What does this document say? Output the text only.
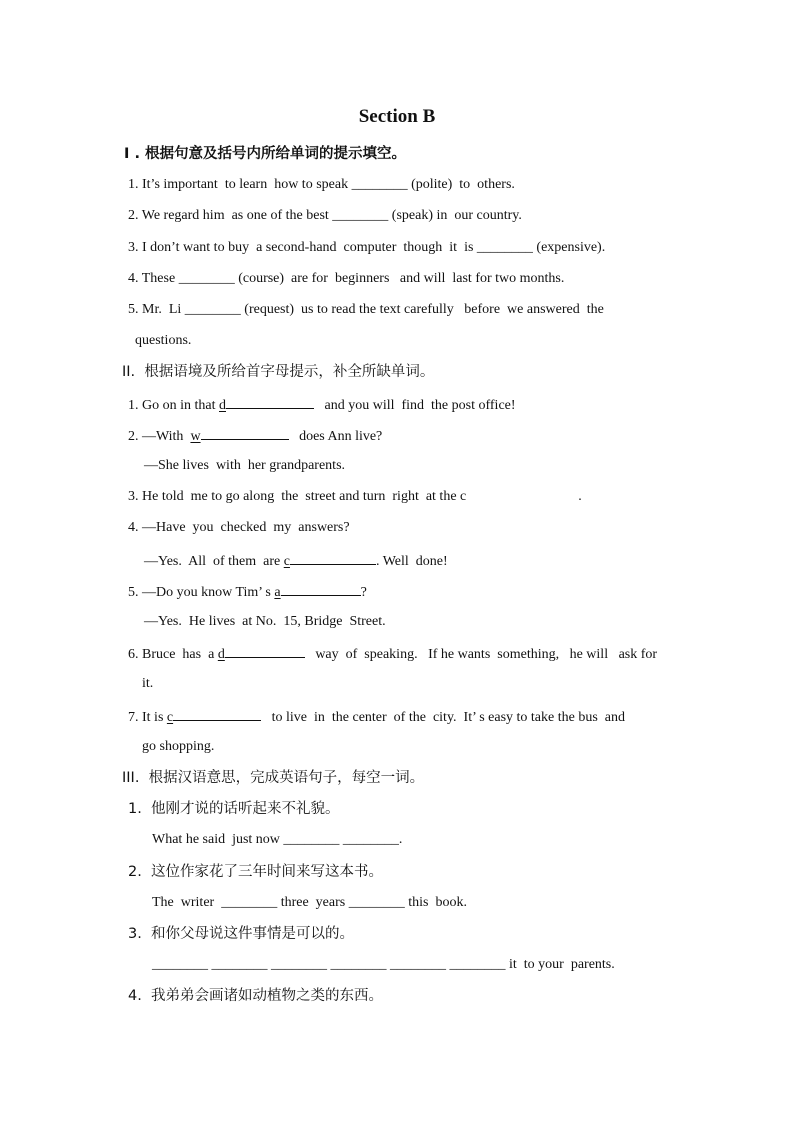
Section B
I . 根据句意及括号内所给单词的提示填空。
1. It’s important  to learn  how to speak ________ (polite)  to  others.
2. We regard him  as one of the best ________ (speak) in  our country.
3. I don’t want to buy  a second-hand  computer  though  it  is ________ (expensive).
4. These ________ (course)  are for  beginners   and will  last for two months.
5. Mr.  Li ________ (request)  us to read the text carefully   before  we answered  the
questions.
II.  根据语境及所给首字母提示，补全所缺单词。
1. Go on in that d	and you will  find  the post office!
2. —With  w	does Ann live?
—She lives  with  her grandparents.
3. He told  me to go along  the  street and turn  right  at the c	.
4. —Have  you  checked  my  answers?
—Yes.  All  of them  are c	. Well  done!
5. —Do you know Tim’ s a	?
—Yes.  He lives  at No.  15, Bridge  Street.
6. Bruce  has  a d	way  of  speaking.   If he wants  something,   he will   ask for
it.
7. It is c	to live  in  the center  of the  city.  It’ s easy to take the bus  and
go shopping.
III.  根据汉语意思，完成英语句子，每空一词。
1.  他刚才说的话听起来不礼貌。
What he said  just now ________ ________.
2.  这位作家花了三年时间来写这本书。
The  writer  ________ three  years ________ this  book.
3.  和你父母说这件事情是可以的。
________ ________ ________ ________ ________ ________ it  to your  parents.
4.  我弟弟会画诸如动植物之类的东西。
